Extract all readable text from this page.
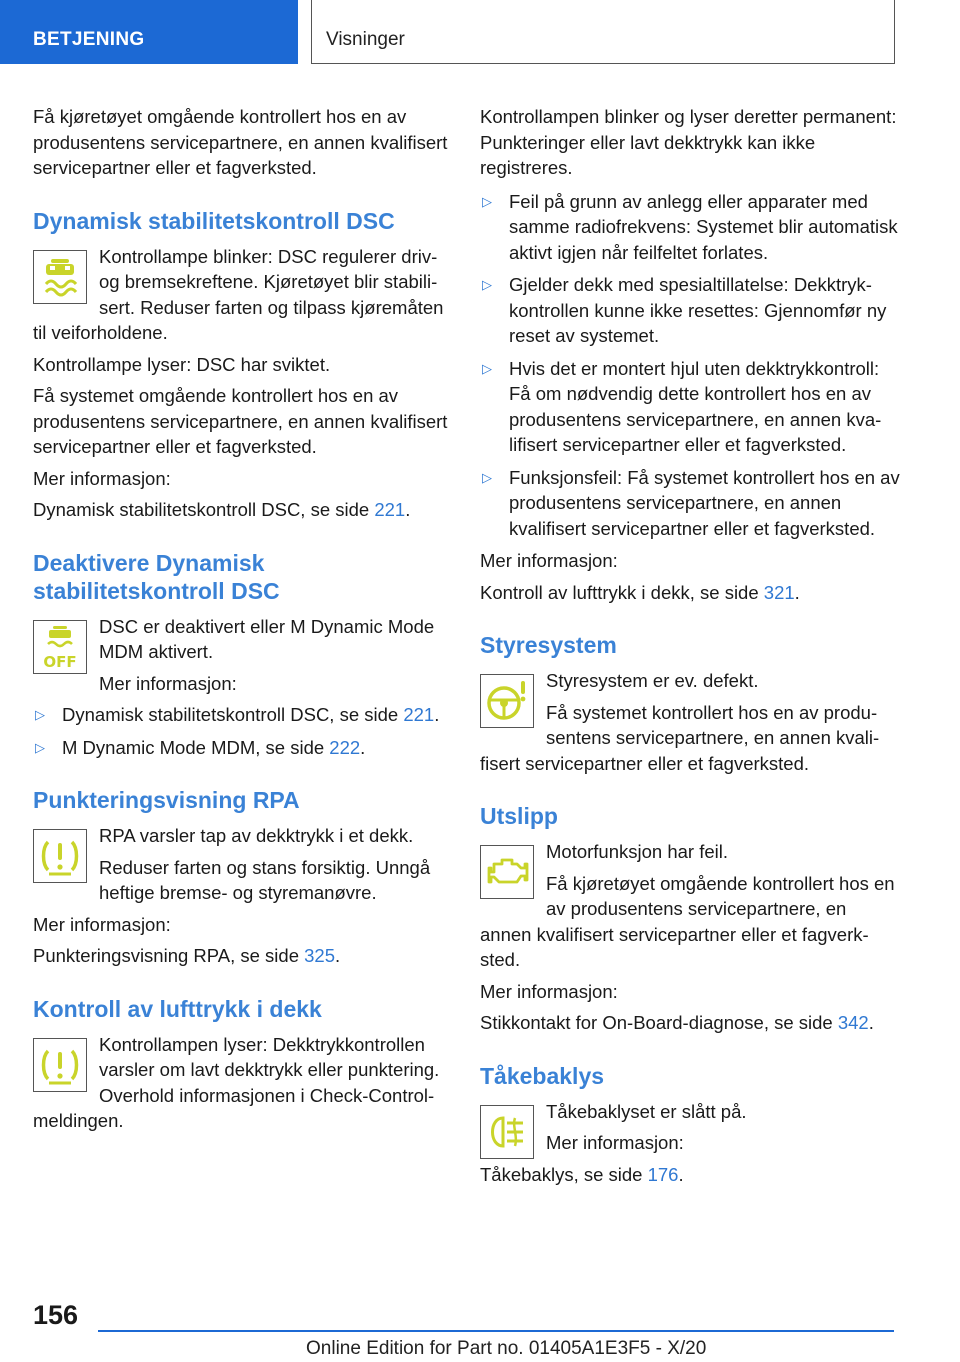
BETJENING	Visninger

Få kjøretøyet omgående kontrollert hos en av produsentens servicepartnere, en annen kvalifisert servicepartner eller et fagverksted.

Dynamisk stabilitetskontroll DSC

Kontrollampe blinker: DSC regulerer driv- og bremsekreftene. Kjøretøyet blir stabilisert. Reduser farten og tilpass kjøremåten til veiforholdene.

Kontrollampe lyser: DSC har sviktet.

Få systemet omgående kontrollert hos en av produsentens servicepartnere, en annen kvalifisert servicepartner eller et fagverksted.

Mer informasjon:

Dynamisk stabilitetskontroll DSC, se side 221.

Deaktivere Dynamisk stabilitetskontroll DSC
OFF

DSC er deaktivert eller M Dynamic Mode MDM aktivert.

Mer informasjon:

▷ Dynamisk stabilitetskontroll DSC, se side 221.
▷ M Dynamic Mode MDM, se side 222.
Punkteringsvisning RPA

RPA varsler tap av dekktrykk i et dekk.

Reduser farten og stans forsiktig. Unngå heftige bremse- og styremanøvre.

Mer informasjon:

Punkteringsvisning RPA, se side 325.

Kontroll av lufttrykk i dekk

Kontrollampen lyser: Dekktrykkontrollen varsler om lavt dekktrykk eller punktering. Overhold informasjonen i Check-Control-meldingen.

Kontrollampen blinker og lyser deretter permanent: Punkteringer eller lavt dekktrykk kan ikke registreres.

▷ Feil på grunn av anlegg eller apparater med samme radiofrekvens: Systemet blir automatisk aktivt igjen når feilfeltet forlates.
▷ Gjelder dekk med spesialtillatelse: Dekktrykkontrollen kunne ikke resettes: Gjennomfør ny reset av systemet.
▷ Hvis det er montert hjul uten dekktrykkontroll: Få om nødvendig dette kontrollert hos en av produsentens servicepartnere, en annen kvalifisert servicepartner eller et fagverksted.
▷ Funksjonsfeil: Få systemet kontrollert hos en av produsentens servicepartnere, en annen kvalifisert servicepartner eller et fagverksted.

Mer informasjon:

Kontroll av lufttrykk i dekk, se side 321.

Styresystem

Styresystem er ev. defekt.

Få systemet kontrollert hos en av produsentens servicepartnere, en annen kvalifisert servicepartner eller et fagverksted.

Utslipp

Motorfunksjon har feil.

Få kjøretøyet omgående kontrollert hos en av produsentens servicepartnere, en annen kvalifisert servicepartner eller et fagverksted.

Mer informasjon:

Stikkontakt for On-Board-diagnose, se side 342.

Tåkebaklys

Tåkebaklyset er slått på.

Mer informasjon:

Tåkebaklys, se side 176.

156
Online Edition for Part no. 01405A1E3F5 - X/20
